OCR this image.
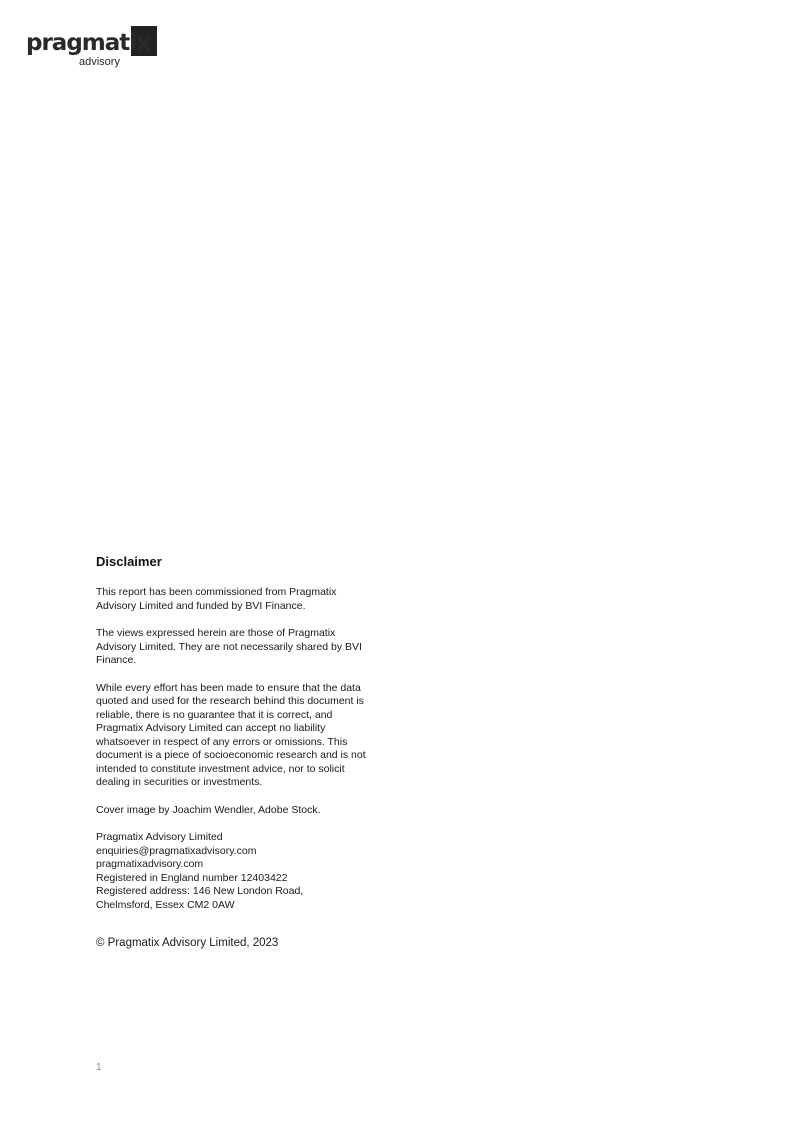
pragmatix
advisory
Disclaimer

This report has been commissioned from Pragmatix Advisory Limited and funded by BVI Finance.

The views expressed herein are those of Pragmatix Advisory Limited. They are not necessarily shared by BVI Finance.

While every effort has been made to ensure that the data quoted and used for the research behind this document is reliable, there is no guarantee that it is correct, and Pragmatix Advisory Limited can accept no liability whatsoever in respect of any errors or omissions. This document is a piece of socioeconomic research and is not intended to constitute investment advice, nor to solicit dealing in securities or investments.

Cover image by Joachim Wendler, Adobe Stock.

Pragmatix Advisory Limited
enquiries@pragmatixadvisory.com
pragmatixadvisory.com
Registered in England number 12403422
Registered address: 146 New London Road,
Chelmsford, Essex CM2 0AW
© Pragmatix Advisory Limited, 2023
1
